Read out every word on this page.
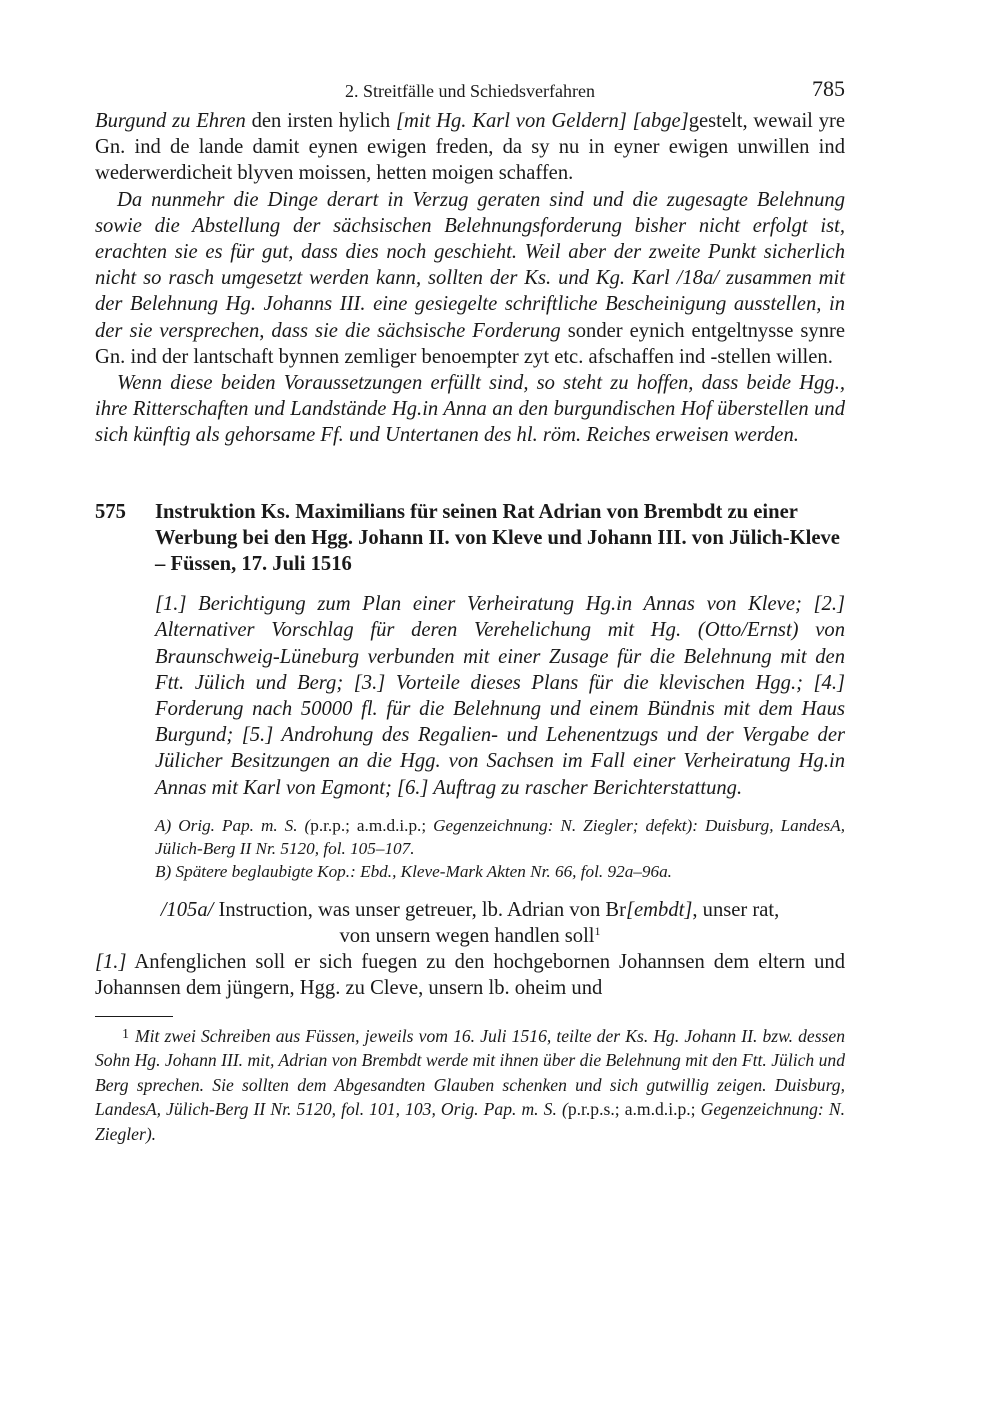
2. Streitfälle und Schiedsverfahren	785

Burgund zu Ehren den irsten hylich [mit Hg. Karl von Geldern] [abge]gestelt, wewail yre Gn. ind de lande damit eynen ewigen freden, da sy nu in eyner ewigen unwillen ind wederwerdicheit blyven moissen, hetten moigen schaffen.

Da nunmehr die Dinge derart in Verzug geraten sind und die zugesagte Belehnung sowie die Abstellung der sächsischen Belehnungsforderung bisher nicht erfolgt ist, erachten sie es für gut, dass dies noch geschieht. Weil aber der zweite Punkt sicherlich nicht so rasch umgesetzt werden kann, sollten der Ks. und Kg. Karl /18a/ zusammen mit der Belehnung Hg. Johanns III. eine gesiegelte schriftliche Bescheinigung ausstellen, in der sie versprechen, dass sie die sächsische Forderung sonder eynich entgeltnysse synre Gn. ind der lantschaft bynnen zemliger benoempter zyt etc. afschaffen ind -stellen willen.

Wenn diese beiden Voraussetzungen erfüllt sind, so steht zu hoffen, dass beide Hgg., ihre Ritterschaften und Landstände Hg.in Anna an den burgundischen Hof überstellen und sich künftig als gehorsame Ff. und Untertanen des hl. röm. Reiches erweisen werden.

575	Instruktion Ks. Maximilians für seinen Rat Adrian von Brembdt zu einer Werbung bei den Hgg. Johann II. von Kleve und Johann III. von Jülich-Kleve – Füssen, 17. Juli 1516

[1.] Berichtigung zum Plan einer Verheiratung Hg.in Annas von Kleve; [2.] Alternativer Vorschlag für deren Verehelichung mit Hg. (Otto/Ernst) von Braunschweig-Lüneburg verbunden mit einer Zusage für die Belehnung mit den Ftt. Jülich und Berg; [3.] Vorteile dieses Plans für die klevischen Hgg.; [4.] Forderung nach 50000 fl. für die Belehnung und einem Bündnis mit dem Haus Burgund; [5.] Androhung des Regalien- und Lehenentzugs und der Vergabe der Jülicher Besitzungen an die Hgg. von Sachsen im Fall einer Verheiratung Hg.in Annas mit Karl von Egmont; [6.] Auftrag zu rascher Berichterstattung.

A) Orig. Pap. m. S. (p.r.p.; a.m.d.i.p.; Gegenzeichnung: N. Ziegler; defekt): Duisburg, LandesA, Jülich-Berg II Nr. 5120, fol. 105–107.

B) Spätere beglaubigte Kop.: Ebd., Kleve-Mark Akten Nr. 66, fol. 92a–96a.

/105a/ Instruction, was unser getreuer, lb. Adrian von Br[embdt], unser rat,
von unsern wegen handlen soll$^1$

[1.] Anfenglichen soll er sich fuegen zu den hochgebornen Johannsen dem eltern und Johannsen dem jüngern, Hgg. zu Cleve, unsern lb. oheim und

$^1$ Mit zwei Schreiben aus Füssen, jeweils vom 16. Juli 1516, teilte der Ks. Hg. Johann II. bzw. dessen Sohn Hg. Johann III. mit, Adrian von Brembdt werde mit ihnen über die Belehnung mit den Ftt. Jülich und Berg sprechen. Sie sollten dem Abgesandten Glauben schenken und sich gutwillig zeigen. Duisburg, LandesA, Jülich-Berg II Nr. 5120, fol. 101, 103, Orig. Pap. m. S. (p.r.p.s.; a.m.d.i.p.; Gegenzeichnung: N. Ziegler).
